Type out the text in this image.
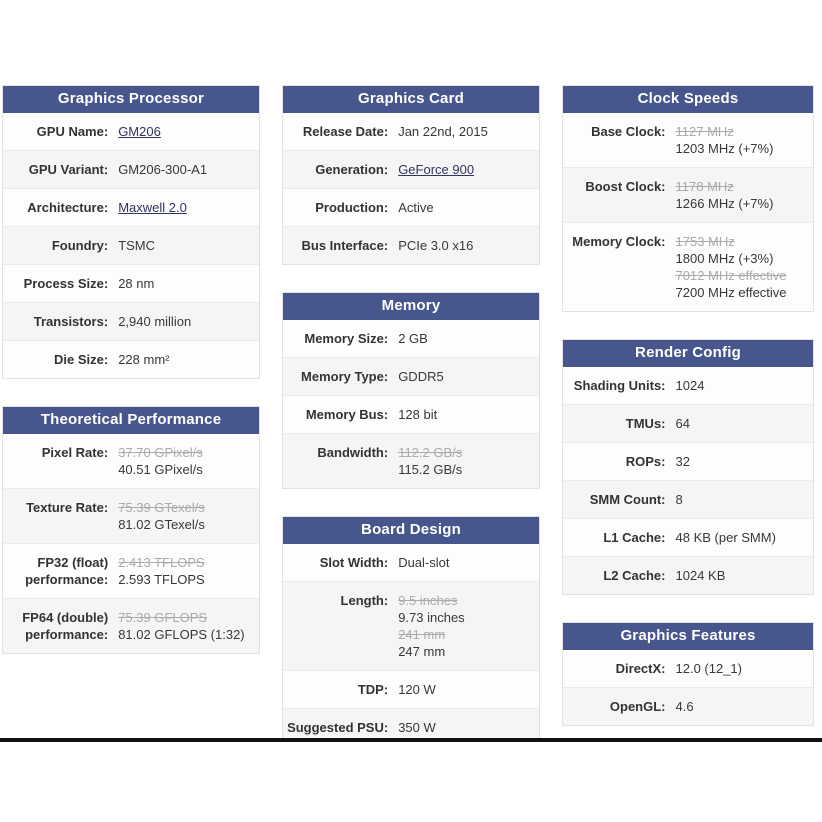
Graphics Processor
GPU Name: GM206
GPU Variant: GM206-300-A1
Architecture: Maxwell 2.0
Foundry: TSMC
Process Size: 28 nm
Transistors: 2,940 million
Die Size: 228 mm²
Theoretical Performance
Pixel Rate: 37.70 GPixel/s
40.51 GPixel/s
Texture Rate: 75.39 GTexel/s
81.02 GTexel/s
FP32 (float) performance:
2.413 TFLOPS
2.593 TFLOPS
FP64 (double) performance:
75.39 GFLOPS
81.02 GFLOPS (1:32)
Graphics Card
Release Date: Jan 22nd, 2015
Generation: GeForce 900
Production: Active
Bus Interface: PCIe 3.0 x16
Memory
Memory Size: 2 GB
Memory Type: GDDR5
Memory Bus: 128 bit
Bandwidth: 112.2 GB/s
115.2 GB/s
Board Design
Slot Width: Dual-slot
Length: 9.5 inches
9.73 inches
241 mm
247 mm
TDP: 120 W
Suggested PSU: 350 W
Clock Speeds
Base Clock: 1127 MHz
1203 MHz (+7%)
Boost Clock: 1178 MHz
1266 MHz (+7%)
Memory Clock: 1753 MHz
1800 MHz (+3%)
7012 MHz effective
7200 MHz effective
Render Config
Shading Units: 1024
TMUs: 64
ROPs: 32
SMM Count: 8
L1 Cache: 48 KB (per SMM)
L2 Cache: 1024 KB
Graphics Features
DirectX: 12.0 (12_1)
OpenGL: 4.6
